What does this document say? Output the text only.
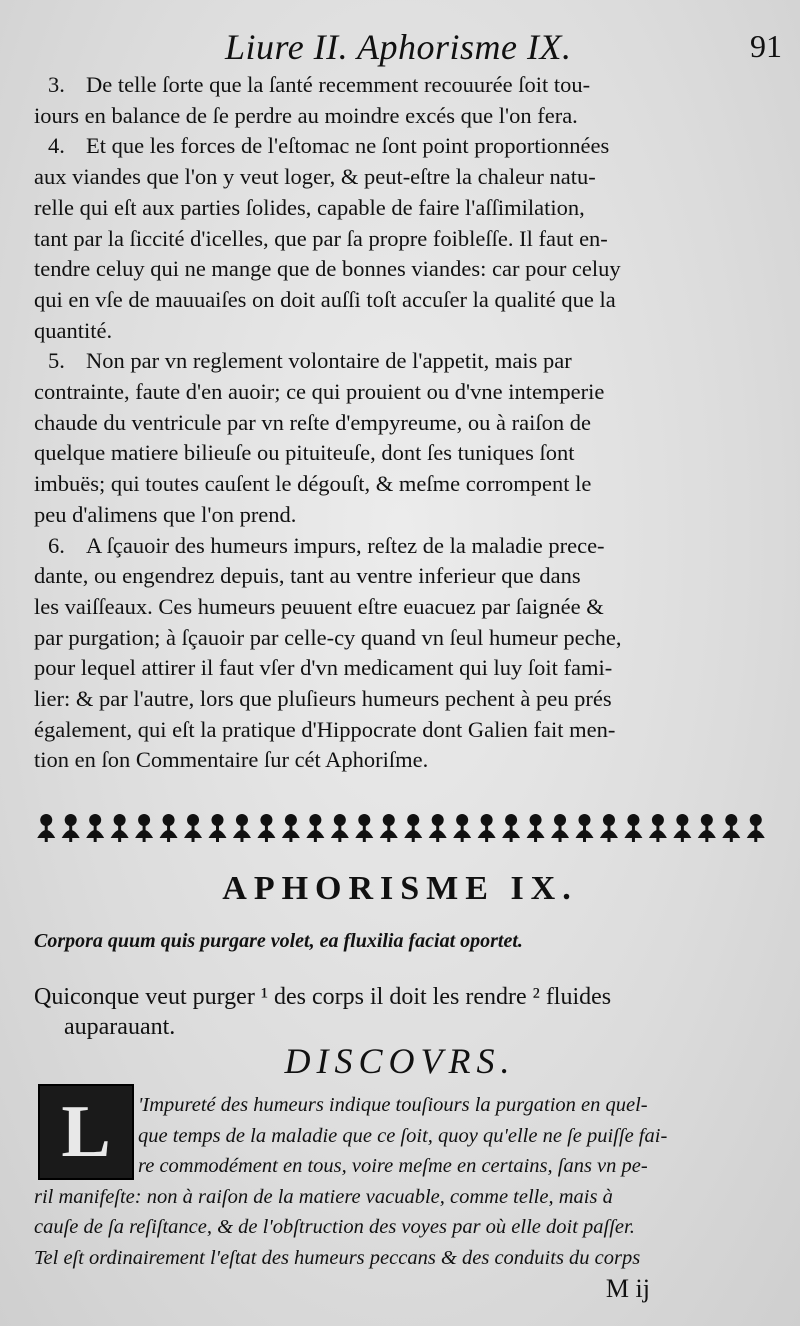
Liure II. Aphorisme IX.	91

3. De telle ſorte que la ſanté recemment recouurée ſoit tou-
iours en balance de ſe perdre au moindre excés que l'on fera.

4. Et que les forces de l'eſtomac ne ſont point proportionnées
aux viandes que l'on y veut loger, & peut-eſtre la chaleur natu-
relle qui eſt aux parties ſolides, capable de faire l'aſſimilation,
tant par la ſiccité d'icelles, que par ſa propre foibleſſe. Il faut en-
tendre celuy qui ne mange que de bonnes viandes: car pour celuy
qui en vſe de mauuaiſes on doit auſſi toſt accuſer la qualité que la
quantité.

5. Non par vn reglement volontaire de l'appetit, mais par
contrainte, faute d'en auoir; ce qui prouient ou d'vne intemperie
chaude du ventricule par vn reſte d'empyreume, ou à raiſon de
quelque matiere bilieuſe ou pituiteuſe, dont ſes tuniques ſont
imbuës; qui toutes cauſent le dégouſt, & meſme corrompent le
peu d'alimens que l'on prend.

6. A ſçauoir des humeurs impurs, reſtez de la maladie prece-
dante, ou engendrez depuis, tant au ventre inferieur que dans
les vaiſſeaux. Ces humeurs peuuent eſtre euacuez par ſaignée &
par purgation; à ſçauoir par celle-cy quand vn ſeul humeur peche,
pour lequel attirer il faut vſer d'vn medicament qui luy ſoit fami-
lier: & par l'autre, lors que pluſieurs humeurs pechent à peu prés
également, qui eſt la pratique d'Hippocrate dont Galien fait men-
tion en ſon Commentaire ſur cét Aphoriſme.

APHORISME IX.
Corpora quum quis purgare volet, ea fluxilia faciat oportet.
Quiconque veut purger ¹ des corps il doit les rendre ² fluides
auparauant.
DISCOVRS.
L	'Impureté des humeurs indique touſiours la purgation en quel-
que temps de la maladie que ce ſoit, quoy qu'elle ne ſe puiſſe fai-
re commodément en tous, voire meſme en certains, ſans vn pe-
ril manifeſte: non à raiſon de la matiere vacuable, comme telle, mais à
cauſe de ſa reſiſtance, & de l'obſtruction des voyes par où elle doit paſſer.
Tel eſt ordinairement l'eſtat des humeurs peccans & des conduits du corps
M ij
